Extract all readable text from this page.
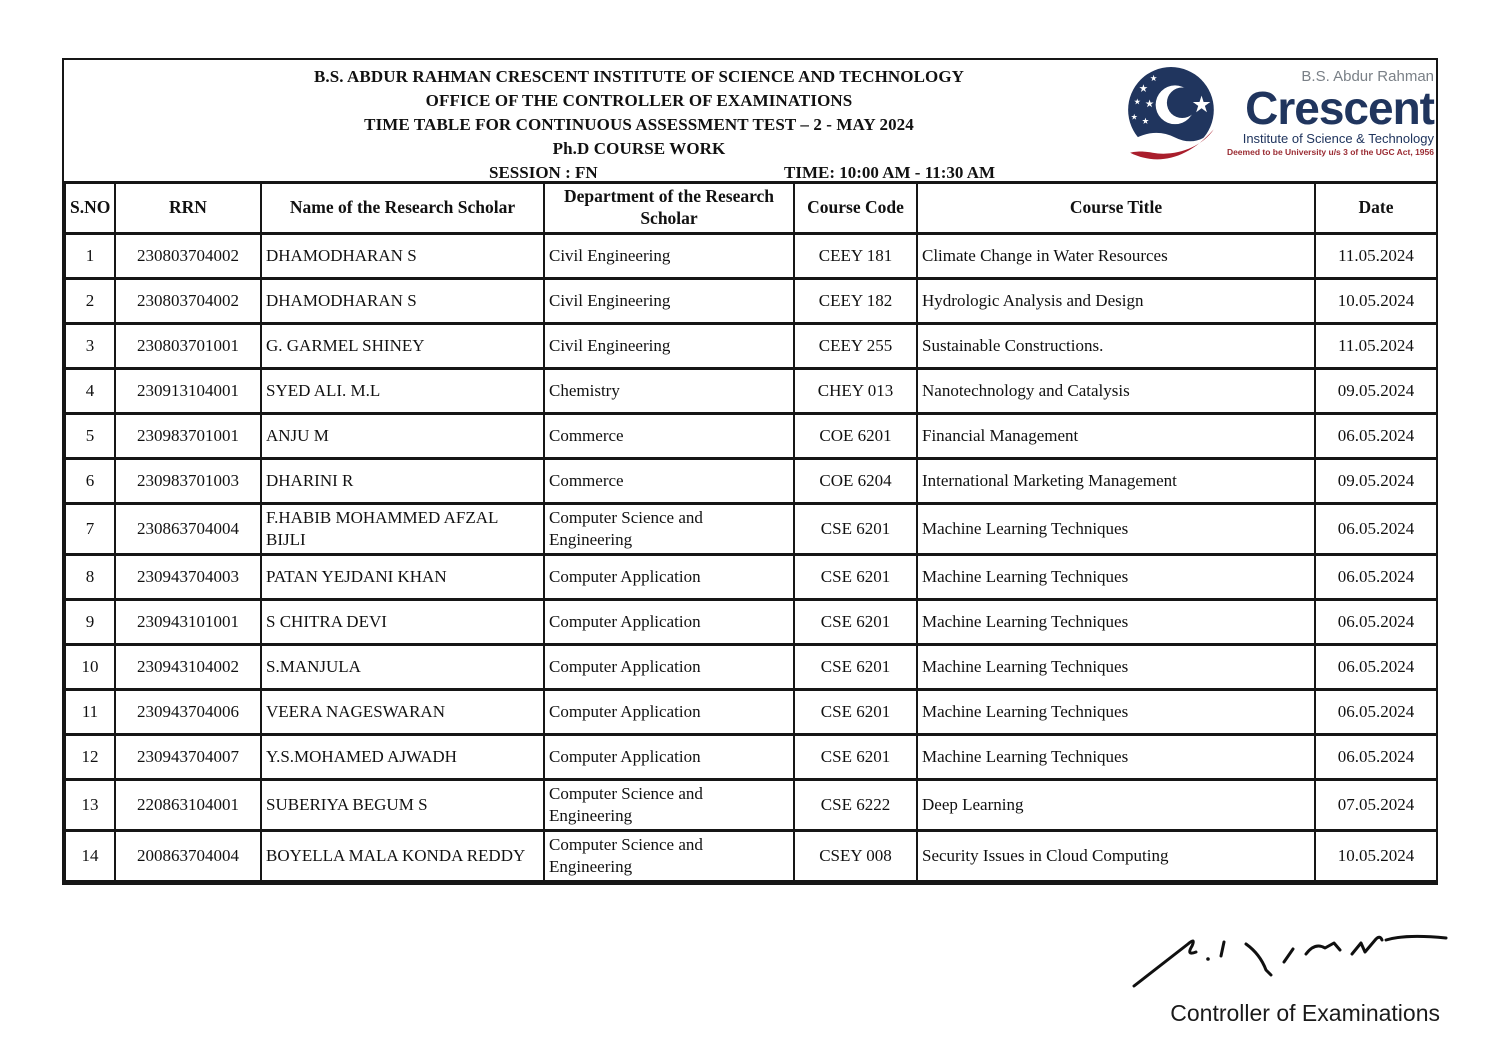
B.S. ABDUR RAHMAN CRESCENT INSTITUTE OF SCIENCE AND TECHNOLOGY
OFFICE OF THE CONTROLLER OF EXAMINATIONS
TIME TABLE FOR CONTINUOUS ASSESSMENT TEST – 2 - MAY 2024
Ph.D COURSE WORK
SESSION : FN	TIME: 10:00 AM - 11:30 AM
B.S. Abdur Rahman
Crescent
Institute of Science & Technology
Deemed to be University u/s 3 of the UGC Act, 1956
S.NO	RRN	Name of the Research Scholar	Department of the Research Scholar	Course Code	Course Title	Date
1	230803704002	DHAMODHARAN S	Civil Engineering	CEEY 181	Climate Change in Water Resources	11.05.2024
2	230803704002	DHAMODHARAN S	Civil Engineering	CEEY 182	Hydrologic Analysis and Design	10.05.2024
3	230803701001	G. GARMEL SHINEY	Civil Engineering	CEEY 255	Sustainable Constructions.	11.05.2024
4	230913104001	SYED ALI. M.L	Chemistry	CHEY 013	Nanotechnology and Catalysis	09.05.2024
5	230983701001	ANJU M	Commerce	COE 6201	Financial Management	06.05.2024
6	230983701003	DHARINI R	Commerce	COE 6204	International Marketing Management	09.05.2024
7	230863704004	F.HABIB MOHAMMED AFZAL BIJLI	Computer Science and Engineering	CSE 6201	Machine Learning Techniques	06.05.2024
8	230943704003	PATAN YEJDANI KHAN	Computer Application	CSE 6201	Machine Learning Techniques	06.05.2024
9	230943101001	S CHITRA DEVI	Computer Application	CSE 6201	Machine Learning Techniques	06.05.2024
10	230943104002	S.MANJULA	Computer Application	CSE 6201	Machine Learning Techniques	06.05.2024
11	230943704006	VEERA NAGESWARAN	Computer Application	CSE 6201	Machine Learning Techniques	06.05.2024
12	230943704007	Y.S.MOHAMED AJWADH	Computer Application	CSE 6201	Machine Learning Techniques	06.05.2024
13	220863104001	SUBERIYA BEGUM S	Computer Science and Engineering	CSE 6222	Deep Learning	07.05.2024
14	200863704004	BOYELLA MALA KONDA REDDY	Computer Science and Engineering	CSEY 008	Security Issues in Cloud Computing	10.05.2024
Controller of Examinations
